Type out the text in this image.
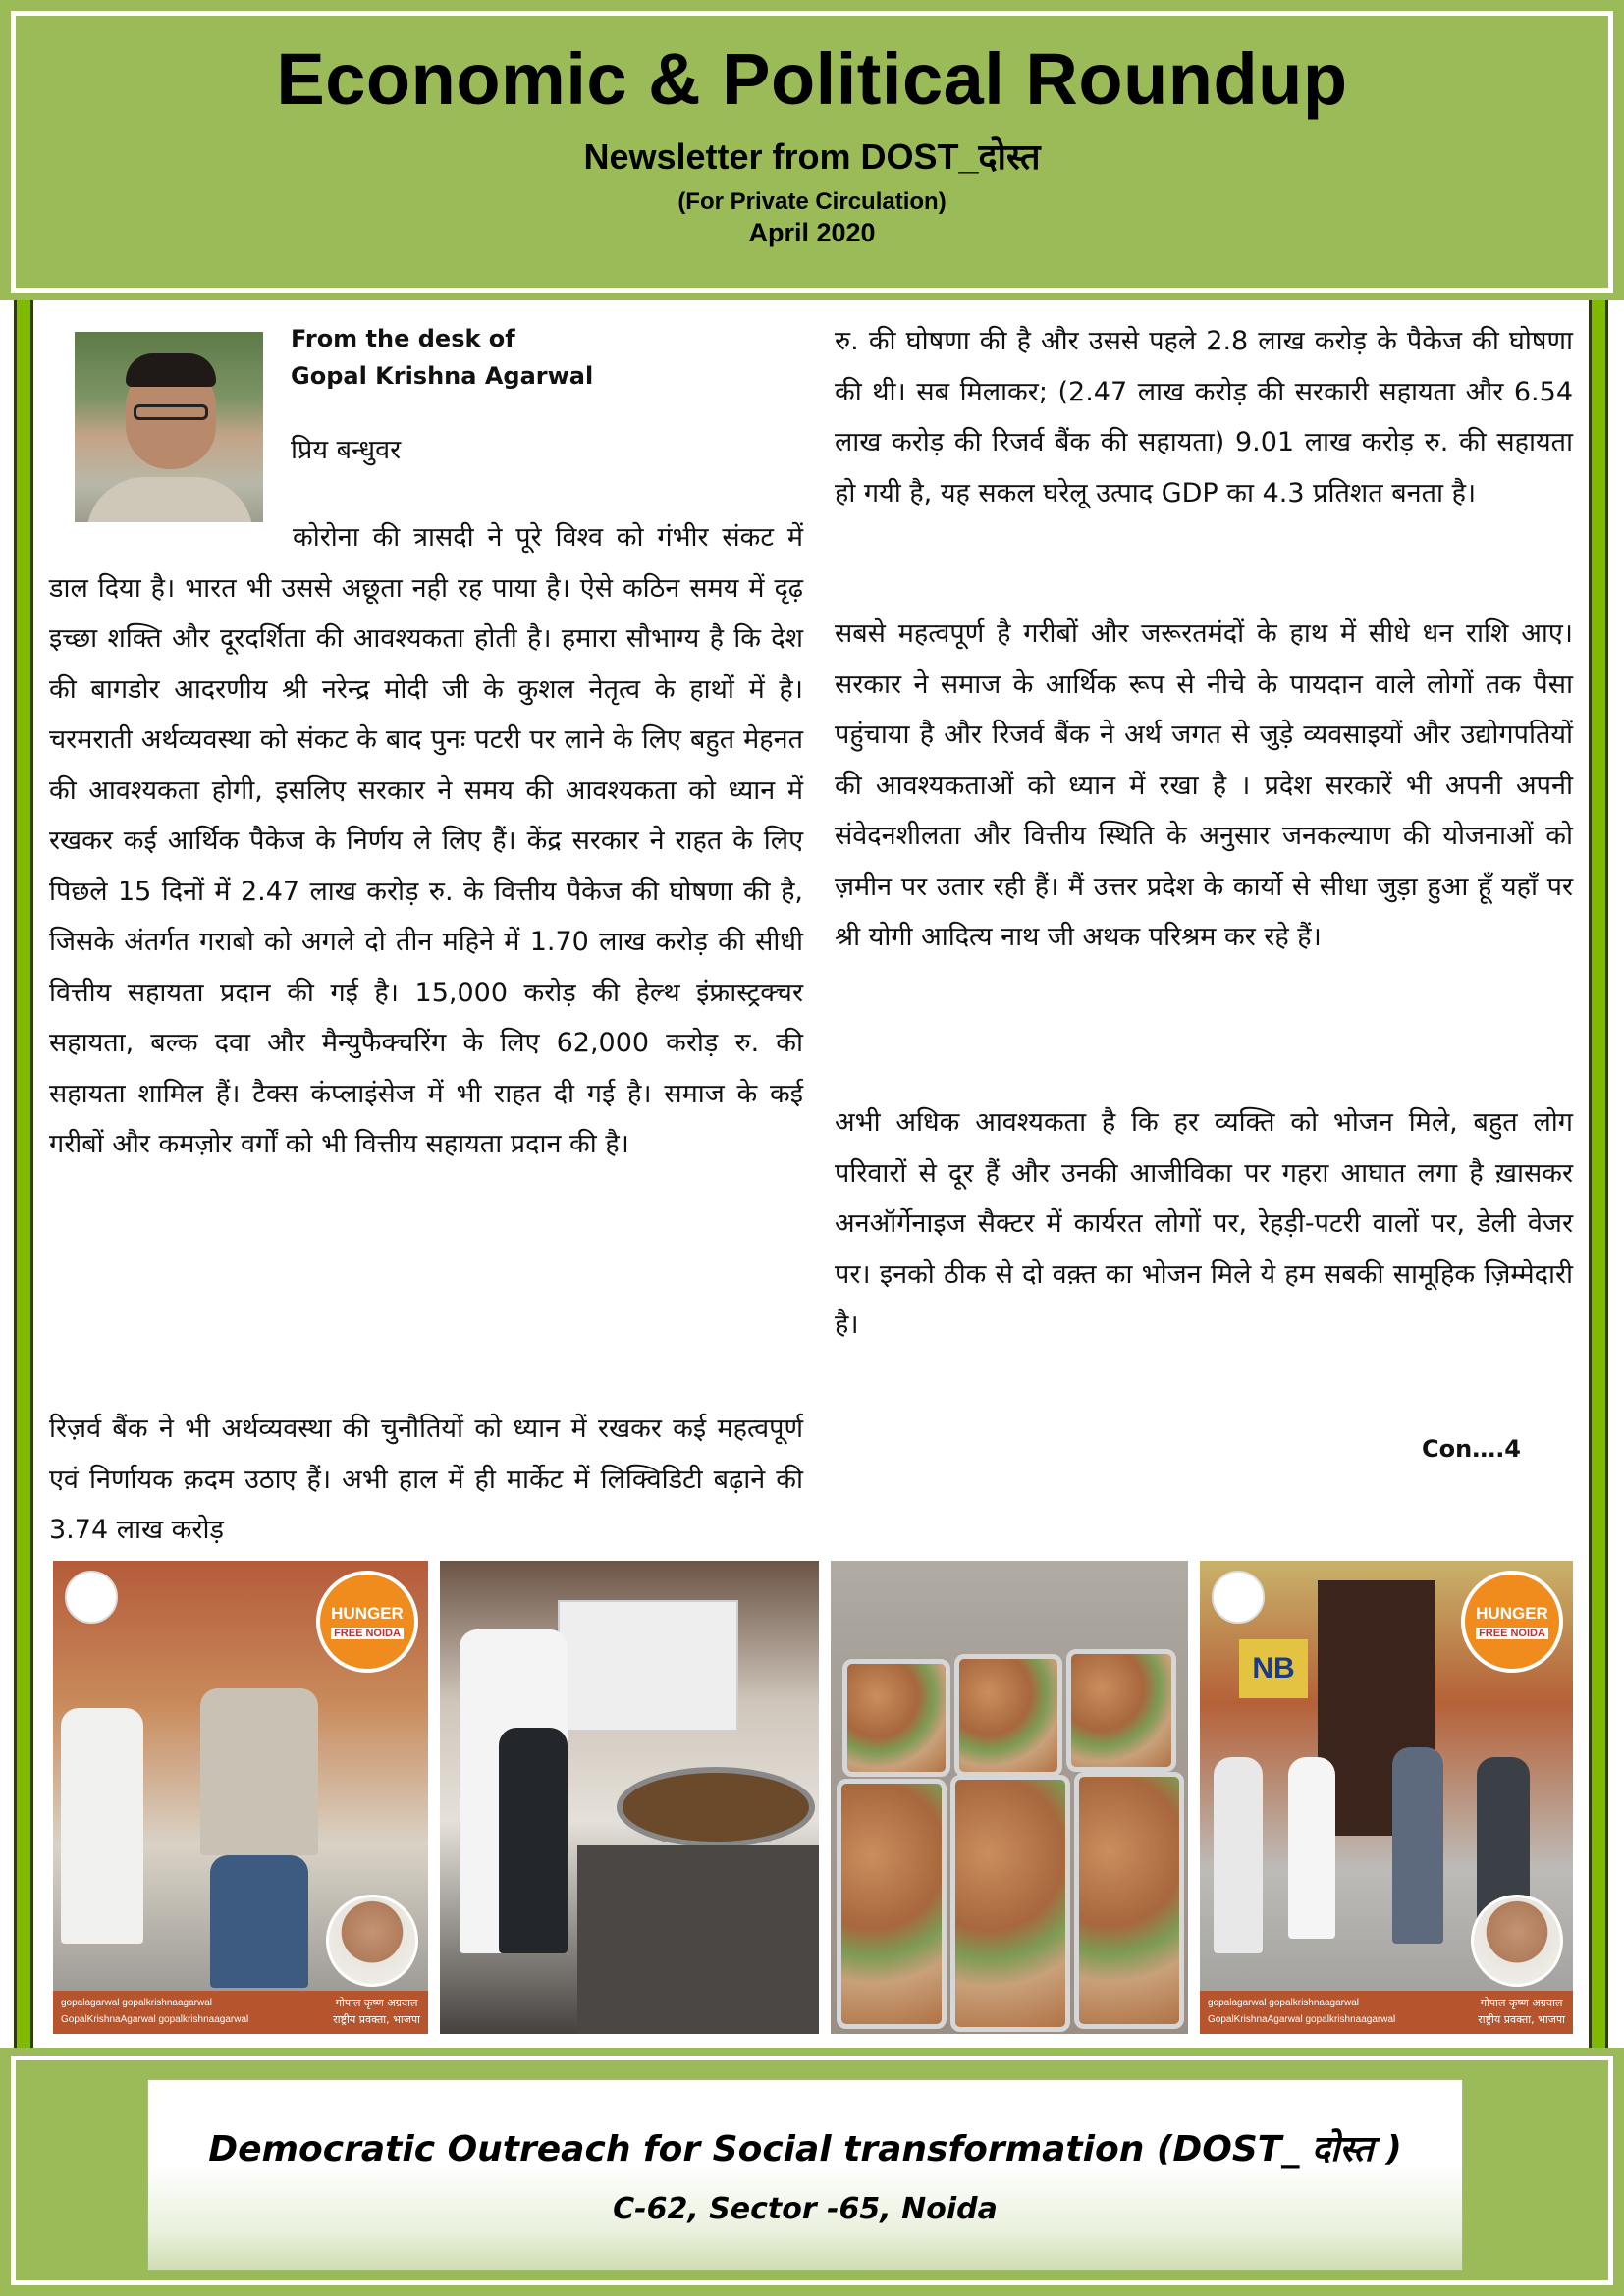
Economic & Political Roundup
Newsletter from DOST_दोस्त
(For Private Circulation)
April 2020
From the desk of
Gopal Krishna Agarwal
प्रिय बन्धुवर

कोरोना की त्रासदी ने पूरे विश्व को गंभीर संकट में डाल दिया है। भारत भी उससे अछूता नही रह पाया है। ऐसे कठिन समय में दृढ़ इच्छा शक्ति और दूरदर्शिता की आवश्यकता होती है। हमारा सौभाग्य है कि देश की बागडोर आदरणीय श्री नरेन्द्र मोदी जी के कुशल नेतृत्व के हाथों में है। चरमराती अर्थव्यवस्था को संकट के बाद पुनः पटरी पर लाने के लिए बहुत मेहनत की आवश्यकता होगी, इसलिए सरकार ने समय की आवश्यकता को ध्यान में रखकर कई आर्थिक पैकेज के निर्णय ले लिए हैं। केंद्र सरकार ने राहत के लिए पिछले 15 दिनों में 2.47 लाख करोड़ रु. के वित्तीय पैकेज की घोषणा की है, जिसके अंतर्गत गराबो को अगले दो तीन महिने में 1.70 लाख करोड़ की सीधी वित्तीय सहायता प्रदान की गई है। 15,000 करोड़ की हेल्थ इंफ्रास्ट्रक्चर सहायता, बल्क दवा और मैन्युफैक्चरिंग के लिए 62,000 करोड़ रु. की सहायता शामिल हैं। टैक्स कंप्लाइंसेज में भी राहत दी गई है। समाज के कई गरीबों और कमज़ोर वर्गों को भी वित्तीय सहायता प्रदान की है।

रिज़र्व बैंक ने भी अर्थव्यवस्था की चुनौतियों को ध्यान में रखकर कई महत्वपूर्ण एवं निर्णायक क़दम उठाए हैं। अभी हाल में ही मार्केट में लिक्विडिटी बढ़ाने की 3.74 लाख करोड़

रु. की घोषणा की है और उससे पहले 2.8 लाख करोड़ के पैकेज की घोषणा की थी। सब मिलाकर; (2.47 लाख करोड़ की सरकारी सहायता और 6.54 लाख करोड़ की रिजर्व बैंक की सहायता) 9.01 लाख करोड़ रु. की सहायता हो गयी है, यह सकल घरेलू उत्पाद GDP का 4.3 प्रतिशत बनता है।

सबसे महत्वपूर्ण है गरीबों और जरूरतमंदों के हाथ में सीधे धन राशि आए। सरकार ने समाज के आर्थिक रूप से नीचे के पायदान वाले लोगों तक पैसा पहुंचाया है और रिजर्व बैंक ने अर्थ जगत से जुड़े व्यवसाइयों और उद्योगपतियों की आवश्यकताओं को ध्यान में रखा है । प्रदेश सरकारें भी अपनी अपनी संवेदनशीलता और वित्तीय स्थिति के अनुसार जनकल्याण की योजनाओं को ज़मीन पर उतार रही हैं। मैं उत्तर प्रदेश के कार्यो से सीधा जुड़ा हुआ हूँ यहाँ पर श्री योगी आदित्य नाथ जी अथक परिश्रम कर रहे हैं।

अभी अधिक आवश्यकता है कि हर व्यक्ति को भोजन मिले, बहुत लोग परिवारों से दूर हैं और उनकी आजीविका पर गहरा आघात लगा है ख़ासकर अनऑर्गेनाइज सैक्टर में कार्यरत लोगों पर, रेहड़ी-पटरी वालों पर, डेली वेजर पर। इनको ठीक से दो वक़्त का भोजन मिले ये हम सबकी सामूहिक ज़िम्मेदारी है।

Con….4
HUNGER
FREE NOIDA
gopalagarwal gopalkrishnaagarwal
GopalKrishnaAgarwal gopalkrishnaagarwal
गोपाल कृष्ण अग्रवाल
राष्ट्रीय प्रवक्ता, भाजपा
NB
HUNGER
FREE NOIDA
gopalagarwal gopalkrishnaagarwal
GopalKrishnaAgarwal gopalkrishnaagarwal
गोपाल कृष्ण अग्रवाल
राष्ट्रीय प्रवक्ता, भाजपा
Democratic Outreach for Social transformation (DOST_ दोस्त )
C-62, Sector -65, Noida
